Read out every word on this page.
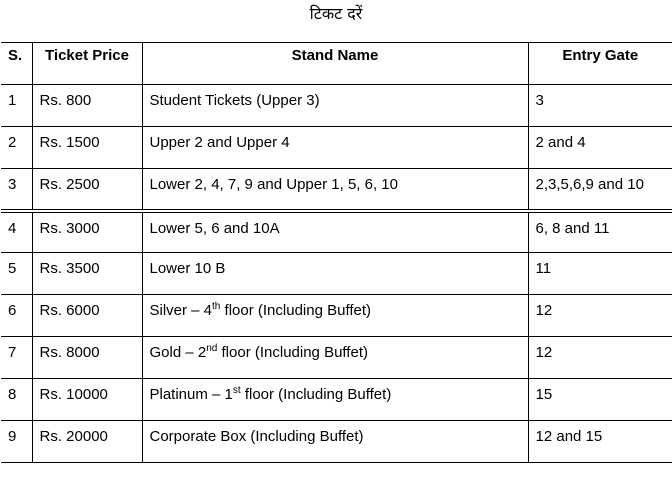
टिकट दरें
S.	Ticket Price	Stand Name	Entry Gate
1	Rs. 800	Student Tickets (Upper 3)	3
2	Rs. 1500	Upper 2 and Upper 4	2 and 4
3	Rs. 2500	Lower 2, 4, 7, 9 and Upper 1, 5, 6, 10	2,3,5,6,9 and 10
4	Rs. 3000	Lower 5, 6 and 10A	6, 8 and 11
5	Rs. 3500	Lower 10 B	11
6	Rs. 6000	Silver – 4th floor (Including Buffet)	12
7	Rs. 8000	Gold – 2nd floor (Including Buffet)	12
8	Rs. 10000	Platinum – 1st floor (Including Buffet)	15
9	Rs. 20000	Corporate Box (Including Buffet)	12 and 15
